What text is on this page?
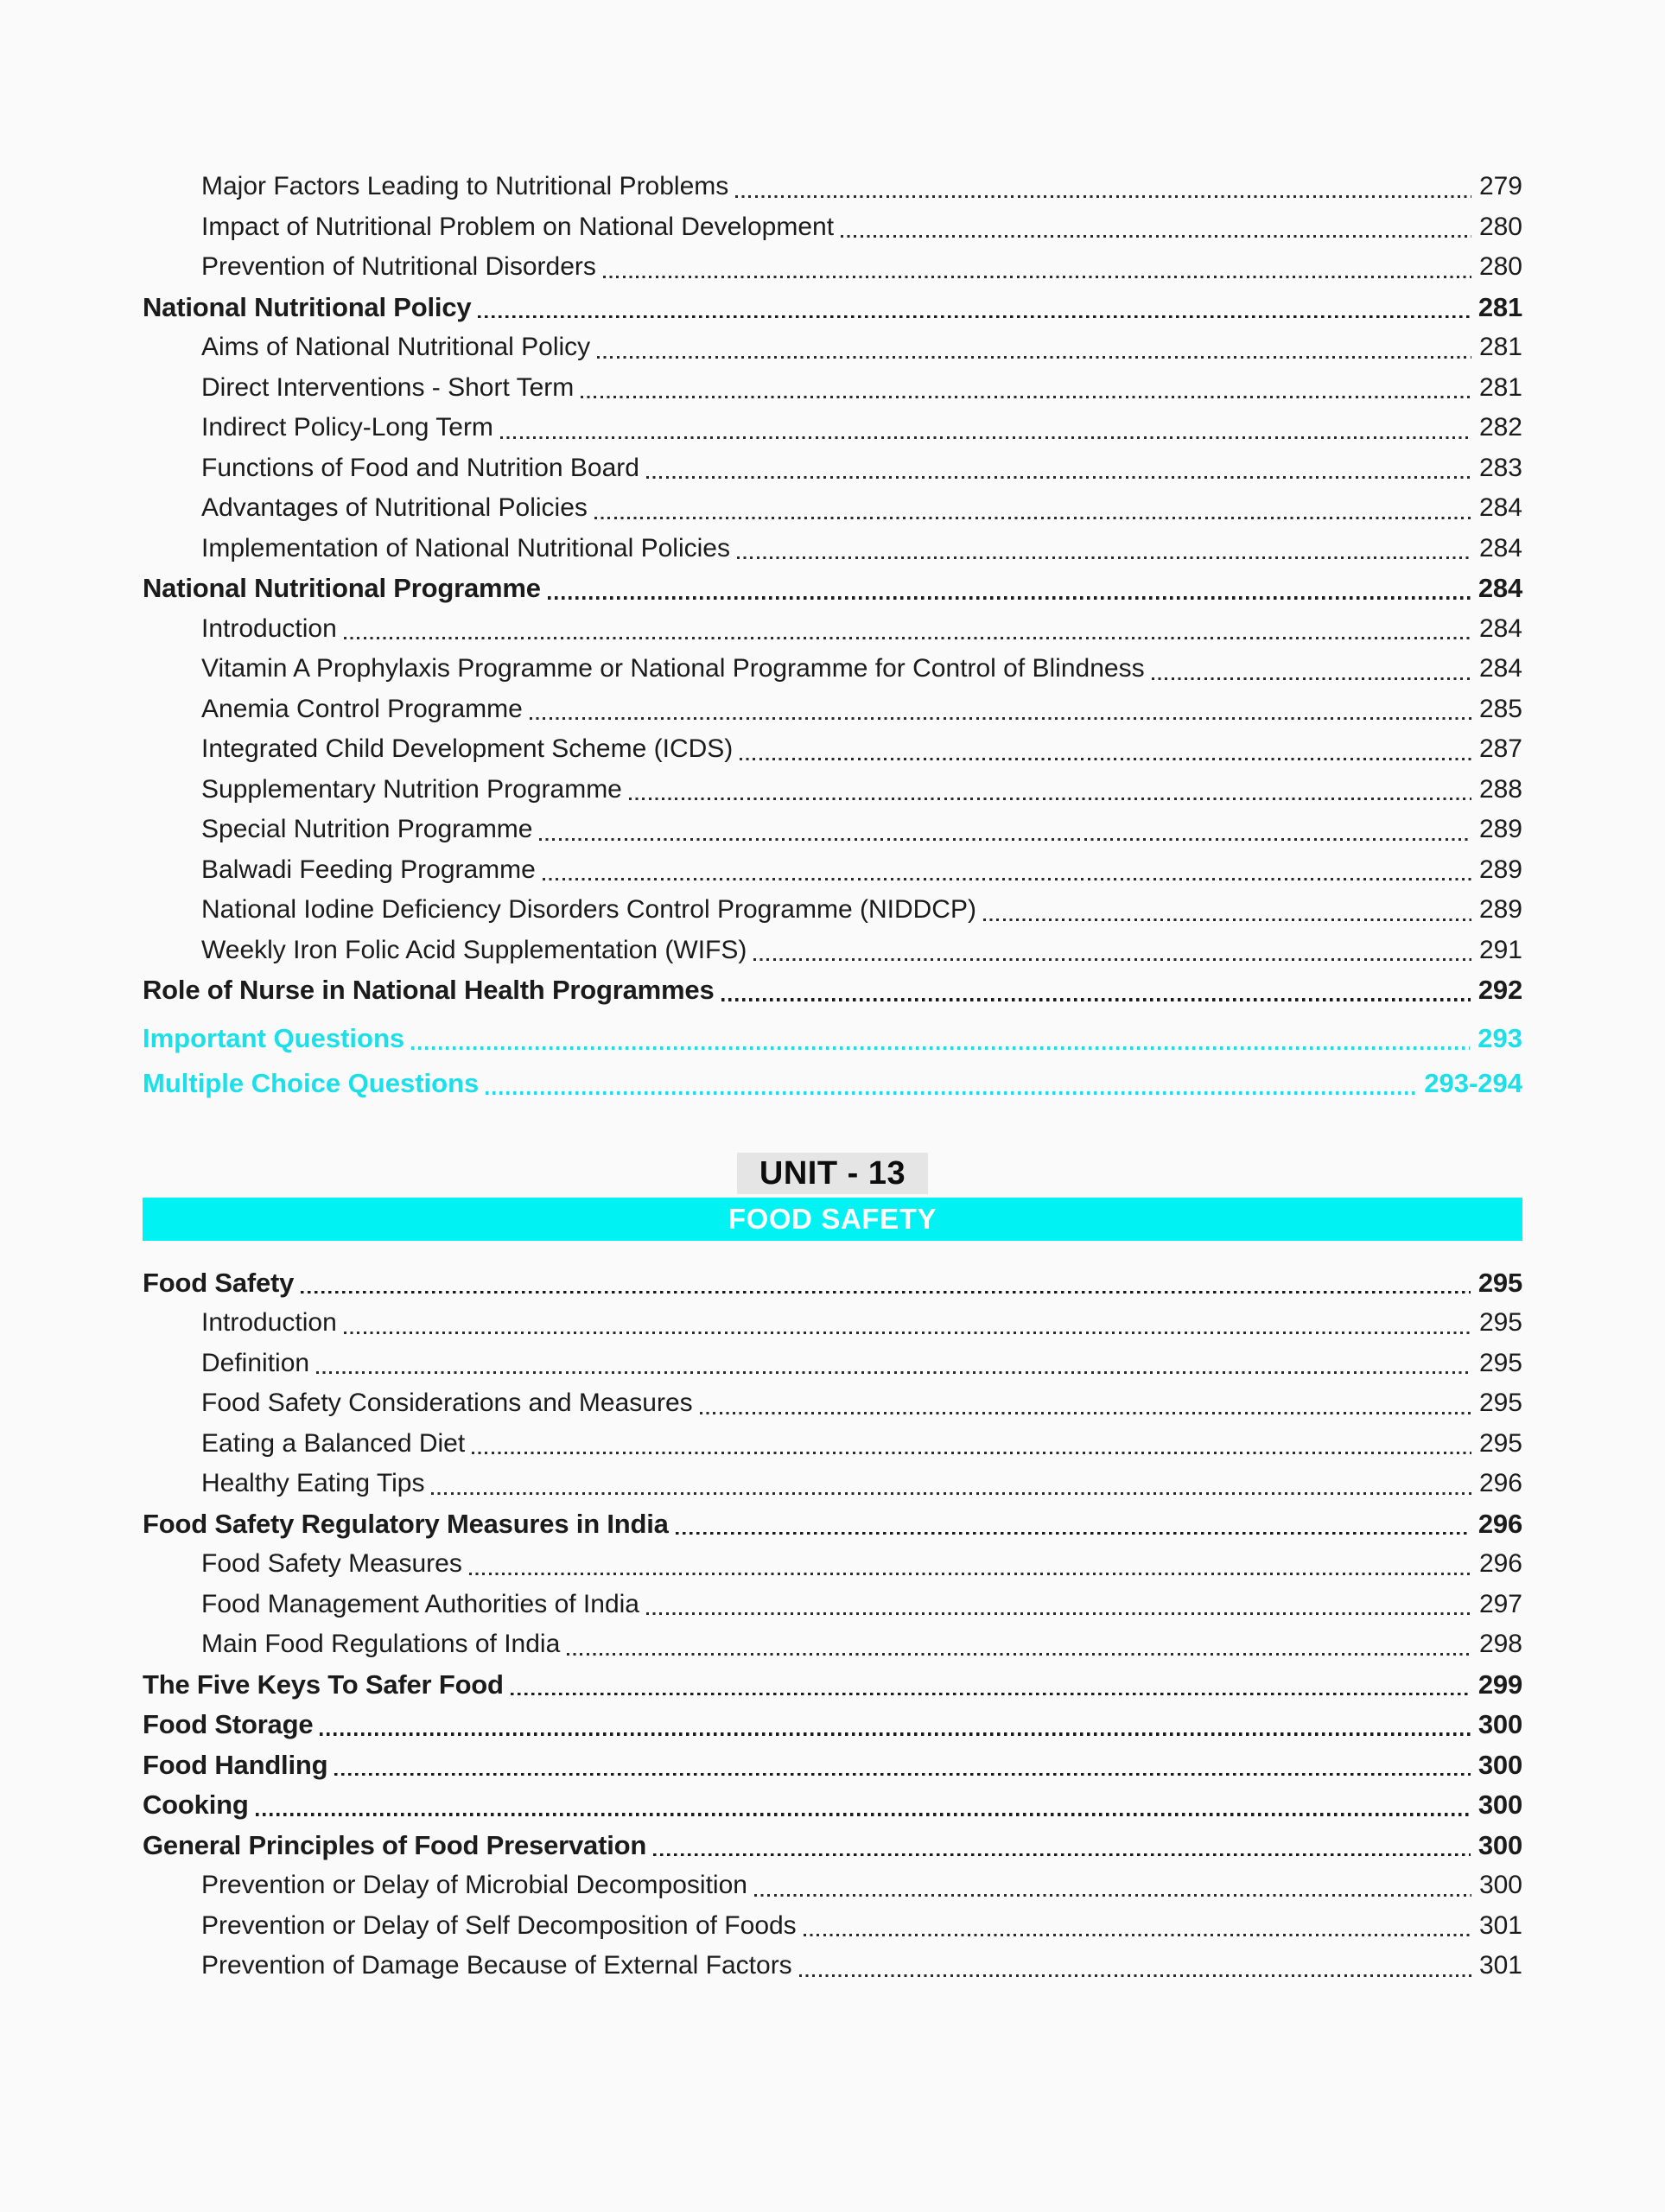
Major Factors Leading to Nutritional Problems	279
Impact of Nutritional Problem on National Development	280
Prevention of Nutritional Disorders	280
National Nutritional Policy	281
Aims of National Nutritional Policy	281
Direct Interventions - Short Term	281
Indirect Policy-Long Term	282
Functions of Food and Nutrition Board	283
Advantages of Nutritional Policies	284
Implementation of National Nutritional Policies	284
National Nutritional Programme	284
Introduction	284
Vitamin A Prophylaxis Programme or National Programme for Control of Blindness	284
Anemia Control Programme	285
Integrated Child Development Scheme (ICDS)	287
Supplementary Nutrition Programme	288
Special Nutrition Programme	289
Balwadi Feeding Programme	289
National Iodine Deficiency Disorders Control Programme (NIDDCP)	289
Weekly Iron Folic Acid Supplementation (WIFS)	291
Role of Nurse in National Health Programmes	292
Important Questions	293
Multiple Choice Questions	293-294
UNIT - 13
FOOD SAFETY
Food Safety	295
Introduction	295
Definition	295
Food Safety Considerations and Measures	295
Eating a Balanced Diet	295
Healthy Eating Tips	296
Food Safety Regulatory Measures in India	296
Food Safety Measures	296
Food Management Authorities of India	297
Main Food Regulations of India	298
The Five Keys To Safer Food	299
Food Storage	300
Food Handling	300
Cooking	300
General Principles of Food Preservation	300
Prevention or Delay of Microbial Decomposition	300
Prevention or Delay of Self Decomposition of Foods	301
Prevention of Damage Because of External Factors	301
